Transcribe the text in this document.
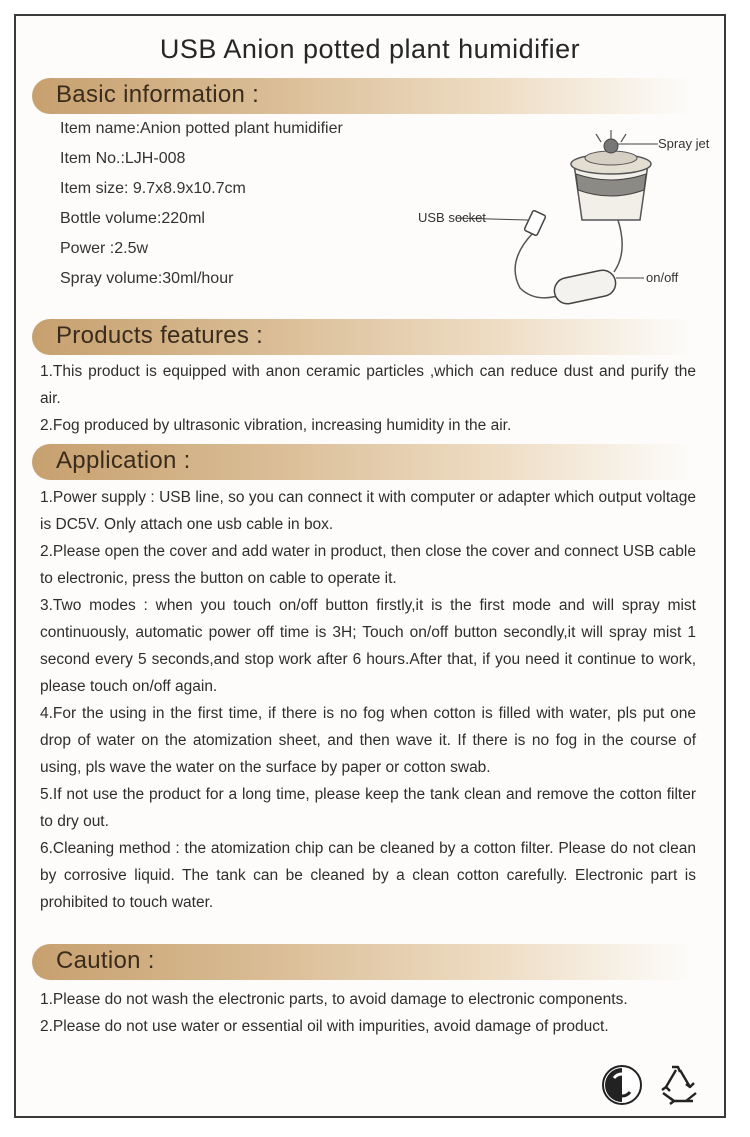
USB Anion potted plant humidifier
Basic information :
Item name:Anion potted plant humidifier
Item No.:LJH-008
Item size: 9.7x8.9x10.7cm
Bottle volume:220ml
Power :2.5w
Spray volume:30ml/hour
Spray jet
USB socket
on/off
Products features :

1.This product is equipped with anon ceramic particles ,which can reduce dust and purify the air.

2.Fog produced by ultrasonic vibration, increasing humidity in the air.

Application :

1.Power supply : USB line, so you can connect it with computer or adapter which output voltage is DC5V. Only attach one usb cable in box.

2.Please open the cover and add water in product, then close the cover and connect USB cable to electronic, press the button on cable to operate it.

3.Two modes : when you touch on/off button firstly,it is the first mode and will spray mist continuously, automatic power off time is 3H; Touch on/off button secondly,it will spray mist 1 second every 5 seconds,and stop work after 6 hours.After that, if you need it continue to work, please touch on/off again.

4.For the using in the first time, if there is no fog when cotton is filled with water, pls put one drop of water on the atomization sheet, and then wave it. If there is no fog in the course of using, pls wave the water on the surface by paper or cotton swab.

5.If not use the product for a long time, please keep the tank clean and remove the cotton filter to dry out.

6.Cleaning method : the atomization chip can be cleaned by a cotton filter. Please do not clean by corrosive liquid. The tank can be cleaned by a clean cotton carefully. Electronic part is prohibited to touch water.

Caution :

1.Please do not wash the electronic parts, to avoid damage to electronic components.

2.Please do not use water or essential oil with impurities, avoid damage of product.
